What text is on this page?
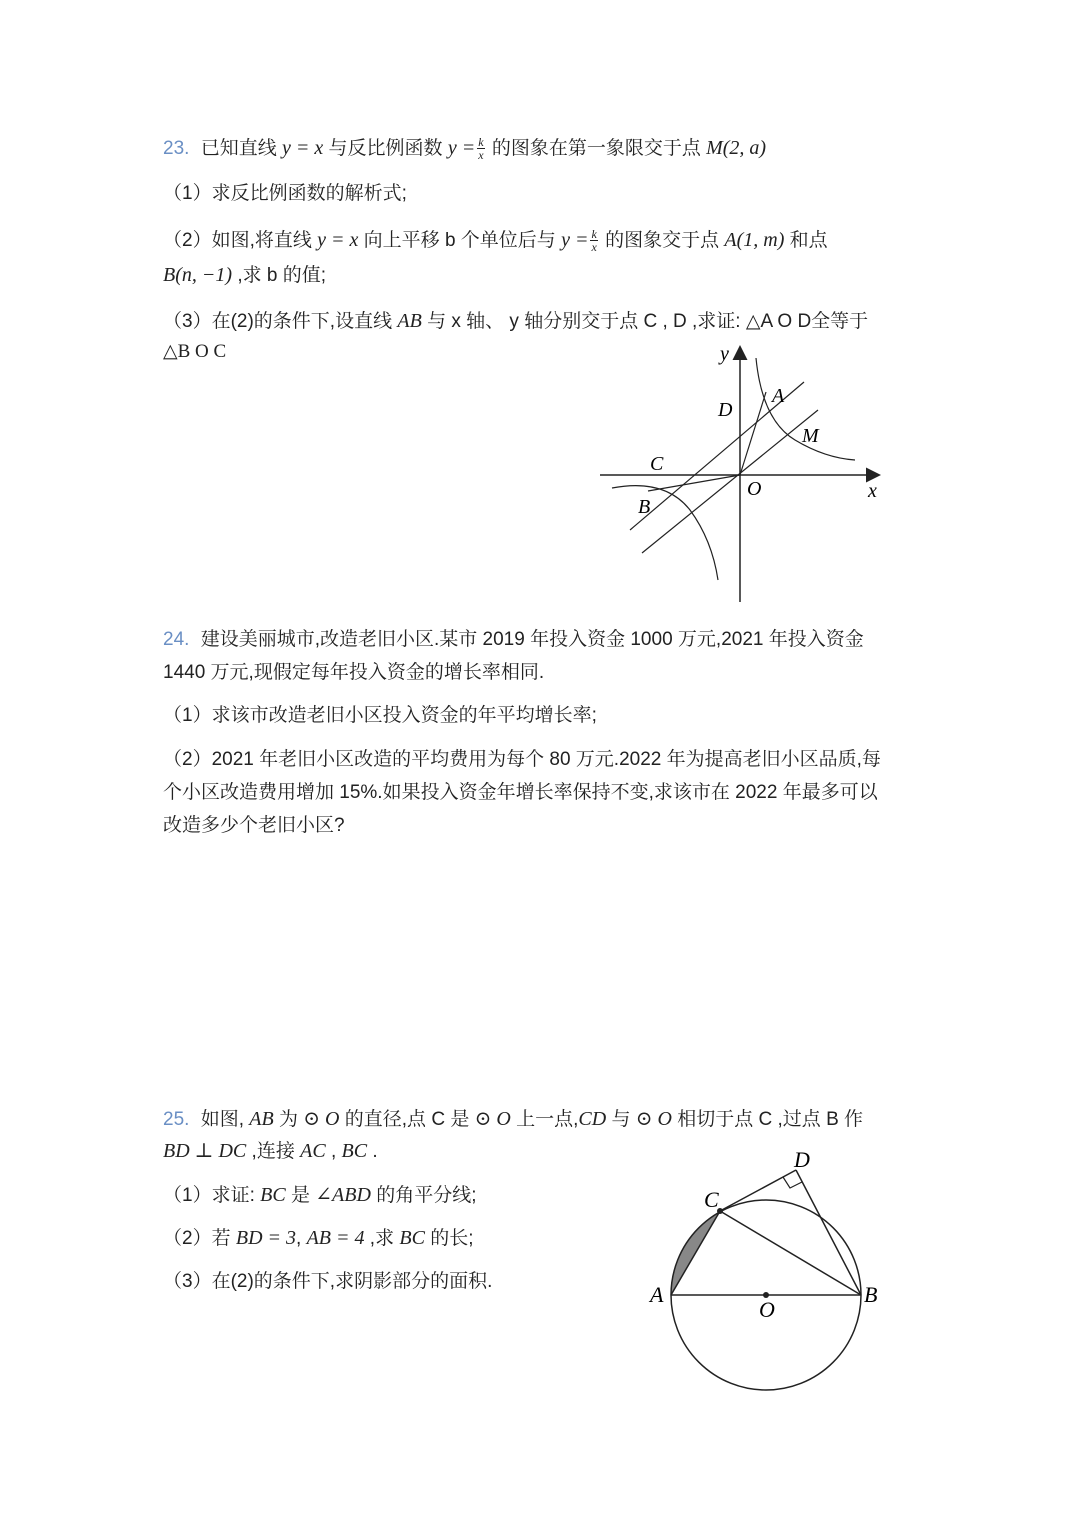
23. 已知直线 y = x 与反比例函数 $y = \frac{k}{x}$ 的图象在第一象限交于点 M(2, a)
（1）求反比例函数的解析式;
（2）如图,将直线 y = x 向上平移 b 个单位后与 $y = \frac{k}{x}$ 的图象交于点 A(1, m) 和点
B(n, −1) ,求 b 的值;
（3）在(2)的条件下,设直线 AB 与 x 轴、 y 轴分别交于点 C , D ,求证: △A O D全等于
△B O C	y
x
A
D
M
C
O
B
24. 建设美丽城市,改造老旧小区.某市 2019 年投入资金 1000 万元,2021 年投入资金
1440 万元,现假定每年投入资金的增长率相同.
（1）求该市改造老旧小区投入资金的年平均增长率;
（2）2021 年老旧小区改造的平均费用为每个 80 万元.2022 年为提高老旧小区品质,每
个小区改造费用增加 15%.如果投入资金年增长率保持不变,求该市在 2022 年最多可以
改造多少个老旧小区?
25. 如图, AB 为 ⊙ O 的直径,点 C 是 ⊙ O 上一点,CD 与 ⊙ O 相切于点 C ,过点 B 作
BD ⊥ DC ,连接 AC , BC .
（1）求证: BC 是 ∠ABD 的角平分线;
（2）若 BD = 3, AB = 4 ,求 BC 的长;
（3）在(2)的条件下,求阴影部分的面积.
A	B
C
D
O
